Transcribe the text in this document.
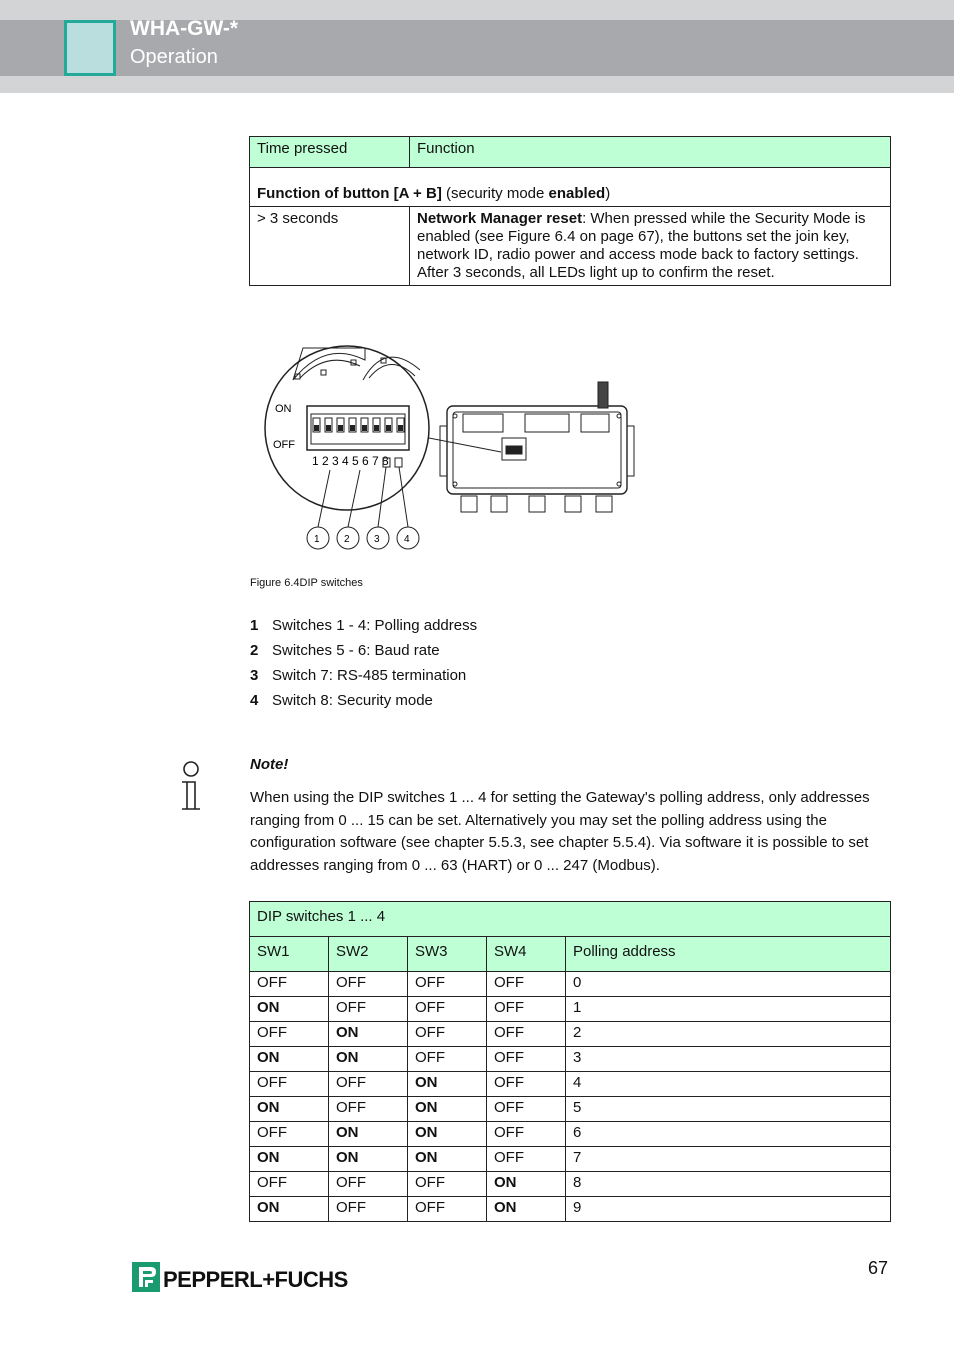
WHA-GW-*
Operation
Time pressed	Function
Function of button [A + B] (security mode enabled)	
> 3 seconds	Network Manager reset: When pressed while the Security Mode is enabled (see Figure 6.4 on page 67), the buttons set the join key, network ID, radio power and access mode back to factory settings.
After 3 seconds, all LEDs light up to confirm the reset.
ON
OFF
1 2 3 4 5 6 7 8
1 2 3 4
Figure 6.4DIP switches
1 Switches 1 - 4: Polling address
2 Switches 5 - 6: Baud rate
3 Switch 7: RS-485 termination
4 Switch 8: Security mode
Note!
When using the DIP switches 1 ... 4 for setting the Gateway's polling address, only addresses ranging from 0 ... 15 can be set. Alternatively you may set the polling address using the configuration software (see chapter 5.5.3, see chapter 5.5.4). Via software it is possible to set addresses ranging from 0 ... 63 (HART) or 0 ... 247 (Modbus).
DIP switches 1 ... 4				
SW1	SW2	SW3	SW4	Polling address
OFF	OFF	OFF	OFF	0
ON	OFF	OFF	OFF	1
OFF	ON	OFF	OFF	2
ON	ON	OFF	OFF	3
OFF	OFF	ON	OFF	4
ON	OFF	ON	OFF	5
OFF	ON	ON	OFF	6
ON	ON	ON	OFF	7
OFF	OFF	OFF	ON	8
ON	OFF	OFF	ON	9
PEPPERL+FUCHS	67
